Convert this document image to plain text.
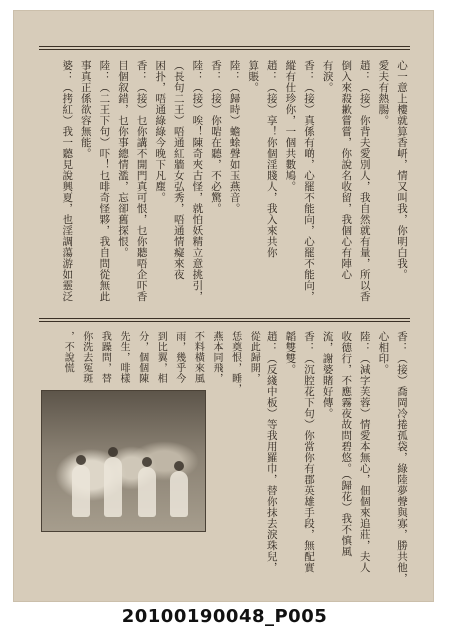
心一意上樓就算香岍，情又叫我，你明白我。
愛夫有熱腸。
趙：（接）你背夫愛別人，我自然就有量，所以香
倒入來殺歉嘗嘗，你說名收留，我個心有陣心
有淚。
香：（接）真係有啲，心罷不能向，心罷不能向，
縱有仕珍你，一個共數鳩。
趙：（接）享！你個淫賤人，我入來共你
算賬。
陸：（歸時）蟾蜍聲如玉燕音。
香：（接）你啱在聽，不必驚。
陸：（接）唉！陳奇夾古怪，就怕妖精立意挑引，
（長句二王）唔通紅牆女弘秀，唔通情癡來夜
困扑，唔通綠綠今晚下凡塵。
香：（接）乜你講不開門真可恨，乜你聽唔企吓香
目個叙錯，乜你事總情濫，忘卻舊探恨。
陸：（二王下句）吓！乜啡奇怪夥，我自問從無此
事真正係欲容無能。
婆：（拷紅）我一聽見說興夏，也淫調蕩游如靈泛
香：（接）喬岡冷捲孤袋，綠陸夢聲與寡，勝共他，
心相印。
陸：（減字芙蓉）情愛本無心，佃個來追莊，夫人
收德行，不應霧夜故問碧悠。（歸花）我不慎風
流，謝婆賭好傳。
香：（沉腔花下句）你當你有郡英雄手段，無配實
韜雙雙。
趙：（反綫中板）等我用羅巾，替你抹去淚珠兒，
從此歸開，
恁奠恨，睡，
燕本同飛，
不料橫來風
雨，幾乎今
到比翼，相
分，個個陳
先生，啡樣
我躁問，替
你洗去冤斑
，不說慌
20100190048_P005
